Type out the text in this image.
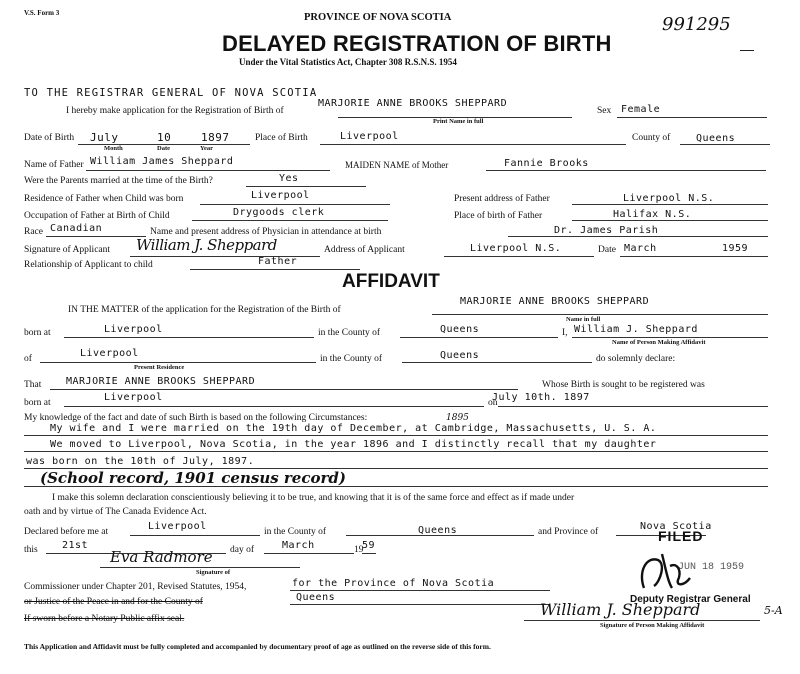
V.S. Form 3	PROVINCE OF NOVA SCOTIA
DELAYED REGISTRATION OF BIRTH
Under the Vital Statistics Act, Chapter 308 R.S.N.S. 1954
991295
TO THE REGISTRAR GENERAL OF NOVA SCOTIA
I hereby make application for the Registration of Birth of
MARJORIE ANNE BROOKS SHEPPARD
Print Name in full
Sex Female
Date of Birth July	10	1897
Month	Date	Year
Place of Birth	Liverpool	County of	Queens
Name of Father William James Sheppard	MAIDEN NAME of Mother	Fannie Brooks
Were the Parents married at the time of the Birth?	Yes
Residence of Father when Child was born	Liverpool	Present address of Father	Liverpool N.S.
Occupation of Father at Birth of Child	Drygoods clerk	Place of birth of Father	Halifax N.S.
Race Canadian	Name and present address of Physician in attendance at birth	Dr. James Parish
Signature of Applicant William J. Sheppard	Address of Applicant	Liverpool N.S.	Date March	1959
Relationship of Applicant to child	Father
AFFIDAVIT
IN THE MATTER of the application for the Registration of the Birth of
MARJORIE ANNE BROOKS SHEPPARD
Name in full
born at	Liverpool	in the County of	Queens	I, William J. Sheppard
Name of Person Making Affidavit
of	Liverpool
Present Residence
in the County of	Queens	do solemnly declare:
That MARJORIE ANNE BROOKS SHEPPARD	Whose Birth is sought to be registered was
born at	Liverpool	on
July 10th. 1897
My knowledge of the fact and date of such Birth is based on the following Circumstances:	1895
My wife and I were married on the 19th day of December, at Cambridge, Massachusetts, U. S. A.
We moved to Liverpool, Nova Scotia, in the year 1896 and I distinctly recall that my daughter
was born on the 10th of July, 1897.
(School record, 1901 census record)
I make this solemn declaration conscientiously believing it to be true, and knowing that it is of the same force and effect as if made under
oath and by virtue of The Canada Evidence Act.
Declared before me at	Liverpool	in the County of	Queens	and Province of	Nova Scotia
this 21st	day of	March	19
59
Eva Radmore
Signature of
Commissioner under Chapter 201, Revised Statutes, 1954,	for the Province of Nova Scotia
or Justice of the Peace in and for the County of	Queens
If sworn before a Notary Public affix seal.
FILED
JUN 18 1959
Deputy Registrar General
William J. Sheppard
Signature of Person Making Affidavit
5-A
This Application and Affidavit must be fully completed and accompanied by documentary proof of age as outlined on the reverse side of this form.
